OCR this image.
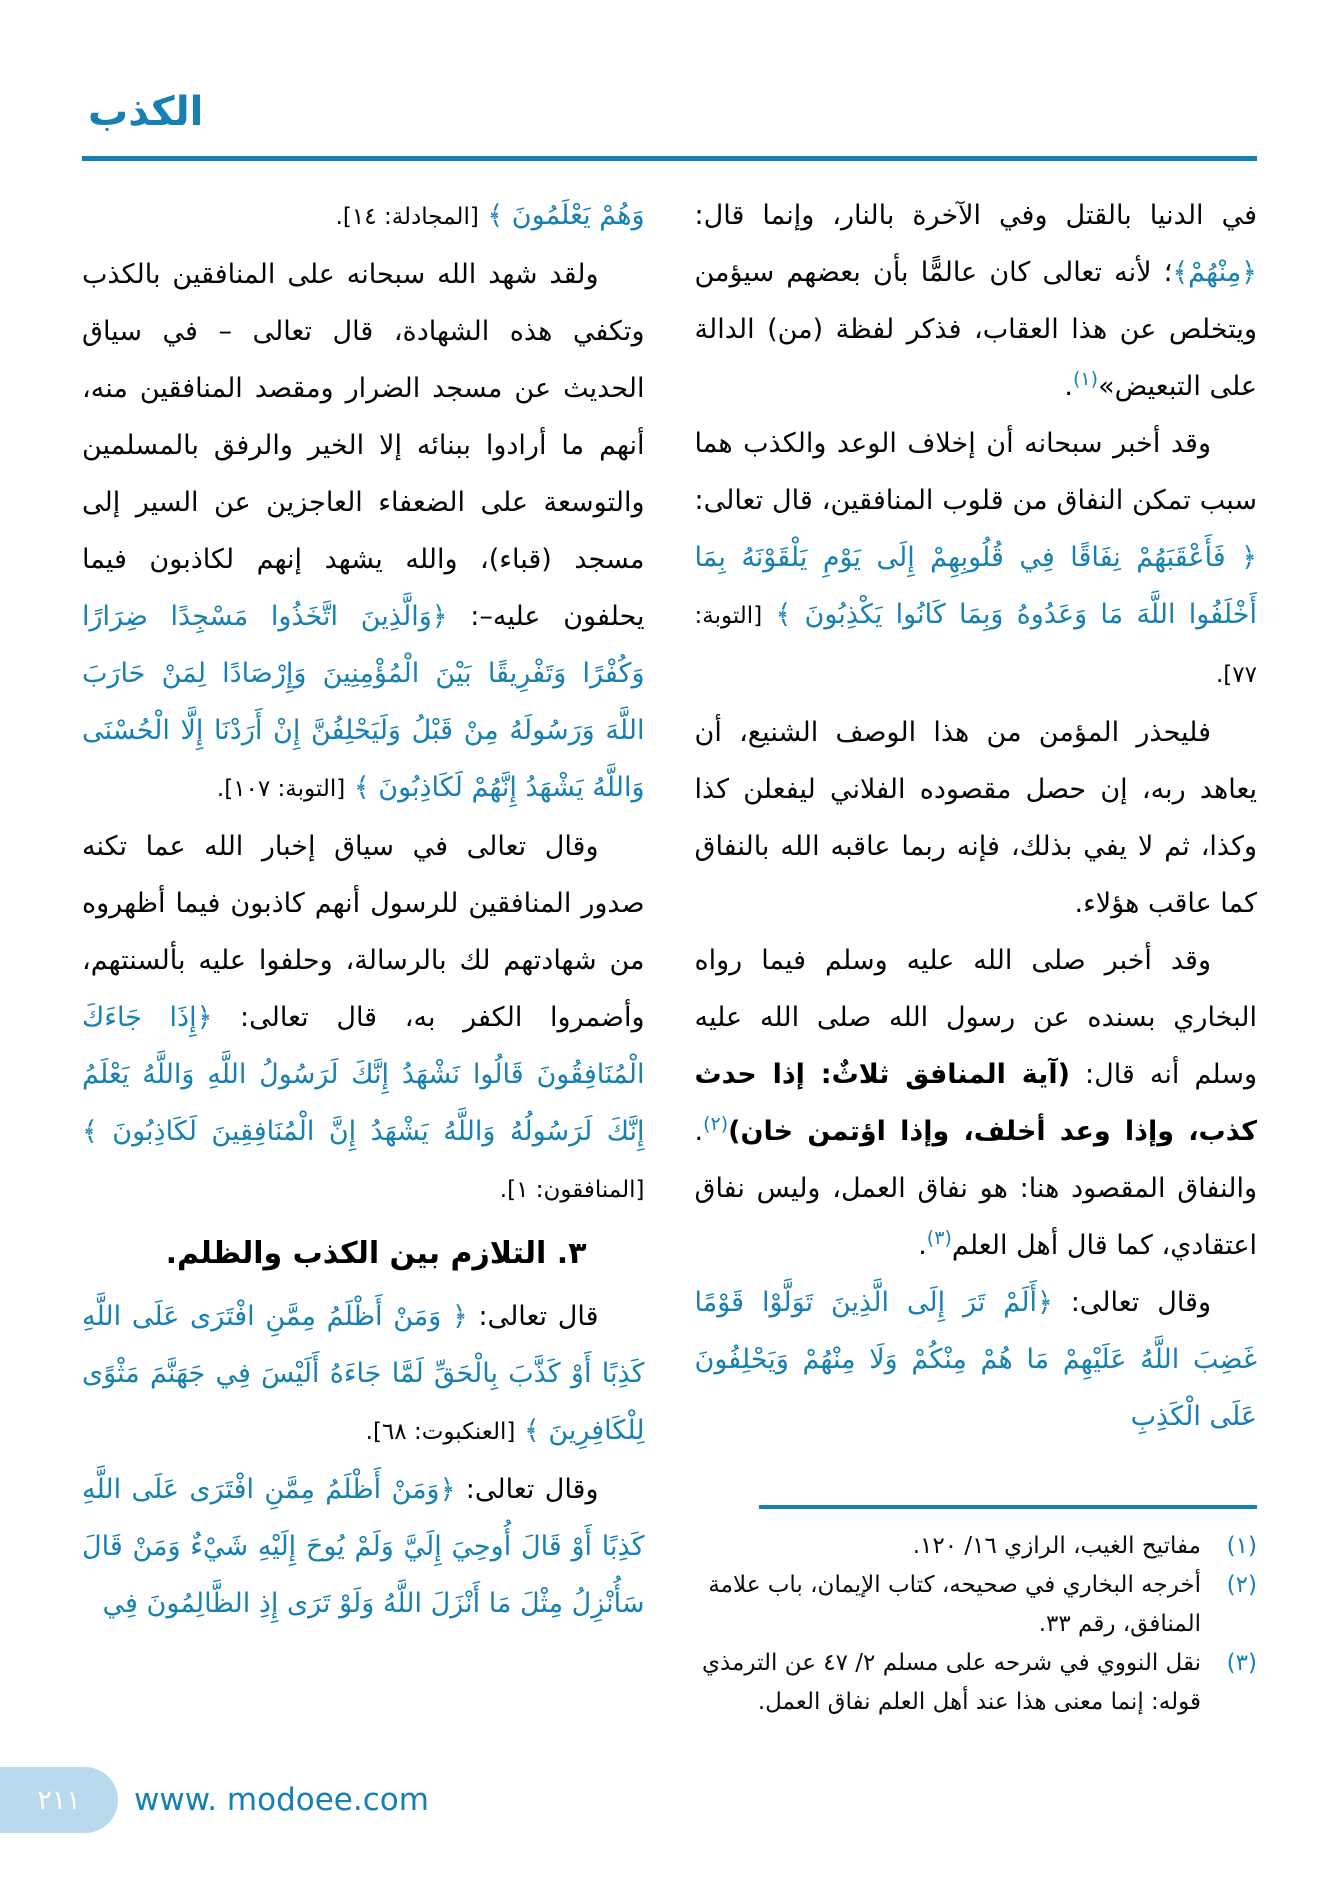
الكذب

في الدنيا بالقتل وفي الآخرة بالنار، وإنما قال: ﴿مِنْهُمْ﴾؛ لأنه تعالى كان عالمًّا بأن بعضهم سيؤمن ويتخلص عن هذا العقاب، فذكر لفظة (من) الدالة على التبعيض»$^{(١)}$.

وقد أخبر سبحانه أن إخلاف الوعد والكذب هما سبب تمكن النفاق من قلوب المنافقين، قال تعالى: ﴿ فَأَعْقَبَهُمْ نِفَاقًا فِي قُلُوبِهِمْ إِلَى يَوْمِ يَلْقَوْنَهُ بِمَا أَخْلَفُوا اللَّهَ مَا وَعَدُوهُ وَبِمَا كَانُوا يَكْذِبُونَ ﴾ [التوبة: ٧٧].

فليحذر المؤمن من هذا الوصف الشنيع، أن يعاهد ربه، إن حصل مقصوده الفلاني ليفعلن كذا وكذا، ثم لا يفي بذلك، فإنه ربما عاقبه الله بالنفاق كما عاقب هؤلاء.

وقد أخبر صلى الله عليه وسلم فيما رواه البخاري بسنده عن رسول الله صلى الله عليه وسلم أنه قال: (آية المنافق ثلاثٌ: إذا حدث كذب، وإذا وعد أخلف، وإذا اؤتمن خان)$^{(٢)}$. والنفاق المقصود هنا: هو نفاق العمل، وليس نفاق اعتقادي، كما قال أهل العلم$^{(٣)}$.

وقال تعالى: ﴿أَلَمْ تَرَ إِلَى الَّذِينَ تَوَلَّوْا قَوْمًا غَضِبَ اللَّهُ عَلَيْهِمْ مَا هُمْ مِنْكُمْ وَلَا مِنْهُمْ وَيَحْلِفُونَ عَلَى الْكَذِبِ

(١)
مفاتيح الغيب، الرازي ١٦/ ١٢٠.
(٢)
أخرجه البخاري في صحيحه، كتاب الإيمان، باب علامة المنافق، رقم ٣٣.
(٣)
نقل النووي في شرحه على مسلم ٢/ ٤٧ عن الترمذي قوله: إنما معنى هذا عند أهل العلم نفاق العمل.

وَهُمْ يَعْلَمُونَ ﴾ [المجادلة: ١٤].

ولقد شهد الله سبحانه على المنافقين بالكذب وتكفي هذه الشهادة، قال تعالى – في سياق الحديث عن مسجد الضرار ومقصد المنافقين منه، أنهم ما أرادوا ببنائه إلا الخير والرفق بالمسلمين والتوسعة على الضعفاء العاجزين عن السير إلى مسجد (قباء)، والله يشهد إنهم لكاذبون فيما يحلفون عليه–: ﴿وَالَّذِينَ اتَّخَذُوا مَسْجِدًا ضِرَارًا وَكُفْرًا وَتَفْرِيقًا بَيْنَ الْمُؤْمِنِينَ وَإِرْصَادًا لِمَنْ حَارَبَ اللَّهَ وَرَسُولَهُ مِنْ قَبْلُ وَلَيَحْلِفُنَّ إِنْ أَرَدْنَا إِلَّا الْحُسْنَى وَاللَّهُ يَشْهَدُ إِنَّهُمْ لَكَاذِبُونَ ﴾ [التوبة: ١٠٧].

وقال تعالى في سياق إخبار الله عما تكنه صدور المنافقين للرسول أنهم كاذبون فيما أظهروه من شهادتهم لك بالرسالة، وحلفوا عليه بألسنتهم، وأضمروا الكفر به، قال تعالى: ﴿إِذَا جَاءَكَ الْمُنَافِقُونَ قَالُوا نَشْهَدُ إِنَّكَ لَرَسُولُ اللَّهِ وَاللَّهُ يَعْلَمُ إِنَّكَ لَرَسُولُهُ وَاللَّهُ يَشْهَدُ إِنَّ الْمُنَافِقِينَ لَكَاذِبُونَ ﴾ [المنافقون: ١].

٣. التلازم بين الكذب والظلم.

قال تعالى: ﴿ وَمَنْ أَظْلَمُ مِمَّنِ افْتَرَى عَلَى اللَّهِ كَذِبًا أَوْ كَذَّبَ بِالْحَقِّ لَمَّا جَاءَهُ أَلَيْسَ فِي جَهَنَّمَ مَثْوًى لِلْكَافِرِينَ ﴾ [العنكبوت: ٦٨].

وقال تعالى: ﴿وَمَنْ أَظْلَمُ مِمَّنِ افْتَرَى عَلَى اللَّهِ كَذِبًا أَوْ قَالَ أُوحِيَ إِلَيَّ وَلَمْ يُوحَ إِلَيْهِ شَيْءٌ وَمَنْ قَالَ سَأُنْزِلُ مِثْلَ مَا أَنْزَلَ اللَّهُ وَلَوْ تَرَى إِذِ الظَّالِمُونَ فِي

٢١١ www. modoee.com
